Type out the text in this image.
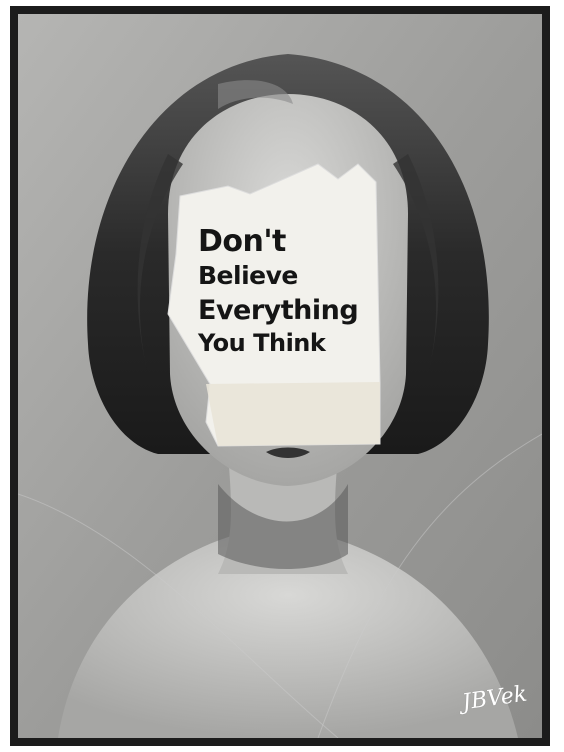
Don't
Believe
Everything
You Think
JBVek
